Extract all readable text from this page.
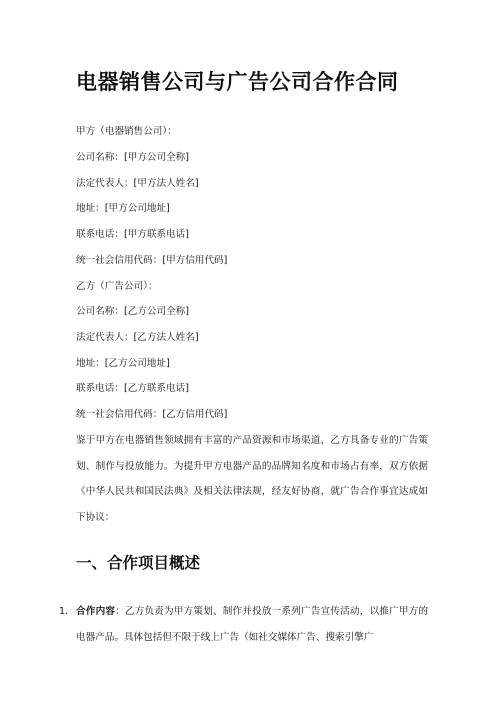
电器销售公司与广告公司合作合同
甲方（电器销售公司）：
公司名称：[甲方公司全称]
法定代表人：[甲方法人姓名]
地址：[甲方公司地址]
联系电话：[甲方联系电话]
统一社会信用代码：[甲方信用代码]
乙方（广告公司）：
公司名称：[乙方公司全称]
法定代表人：[乙方法人姓名]
地址：[乙方公司地址]
联系电话：[乙方联系电话]
统一社会信用代码：[乙方信用代码]
鉴于甲方在电器销售领域拥有丰富的产品资源和市场渠道，乙方具备专业的广告策划、制作与投放能力。为提升甲方电器产品的品牌知名度和市场占有率，双方依据《中华人民共和国民法典》及相关法律法规，经友好协商，就广告合作事宜达成如下协议：
一、合作项目概述
1. 合作内容：乙方负责为甲方策划、制作并投放一系列广告宣传活动，以推广甲方的电器产品。具体包括但不限于线上广告（如社交媒体广告、搜索引擎广
